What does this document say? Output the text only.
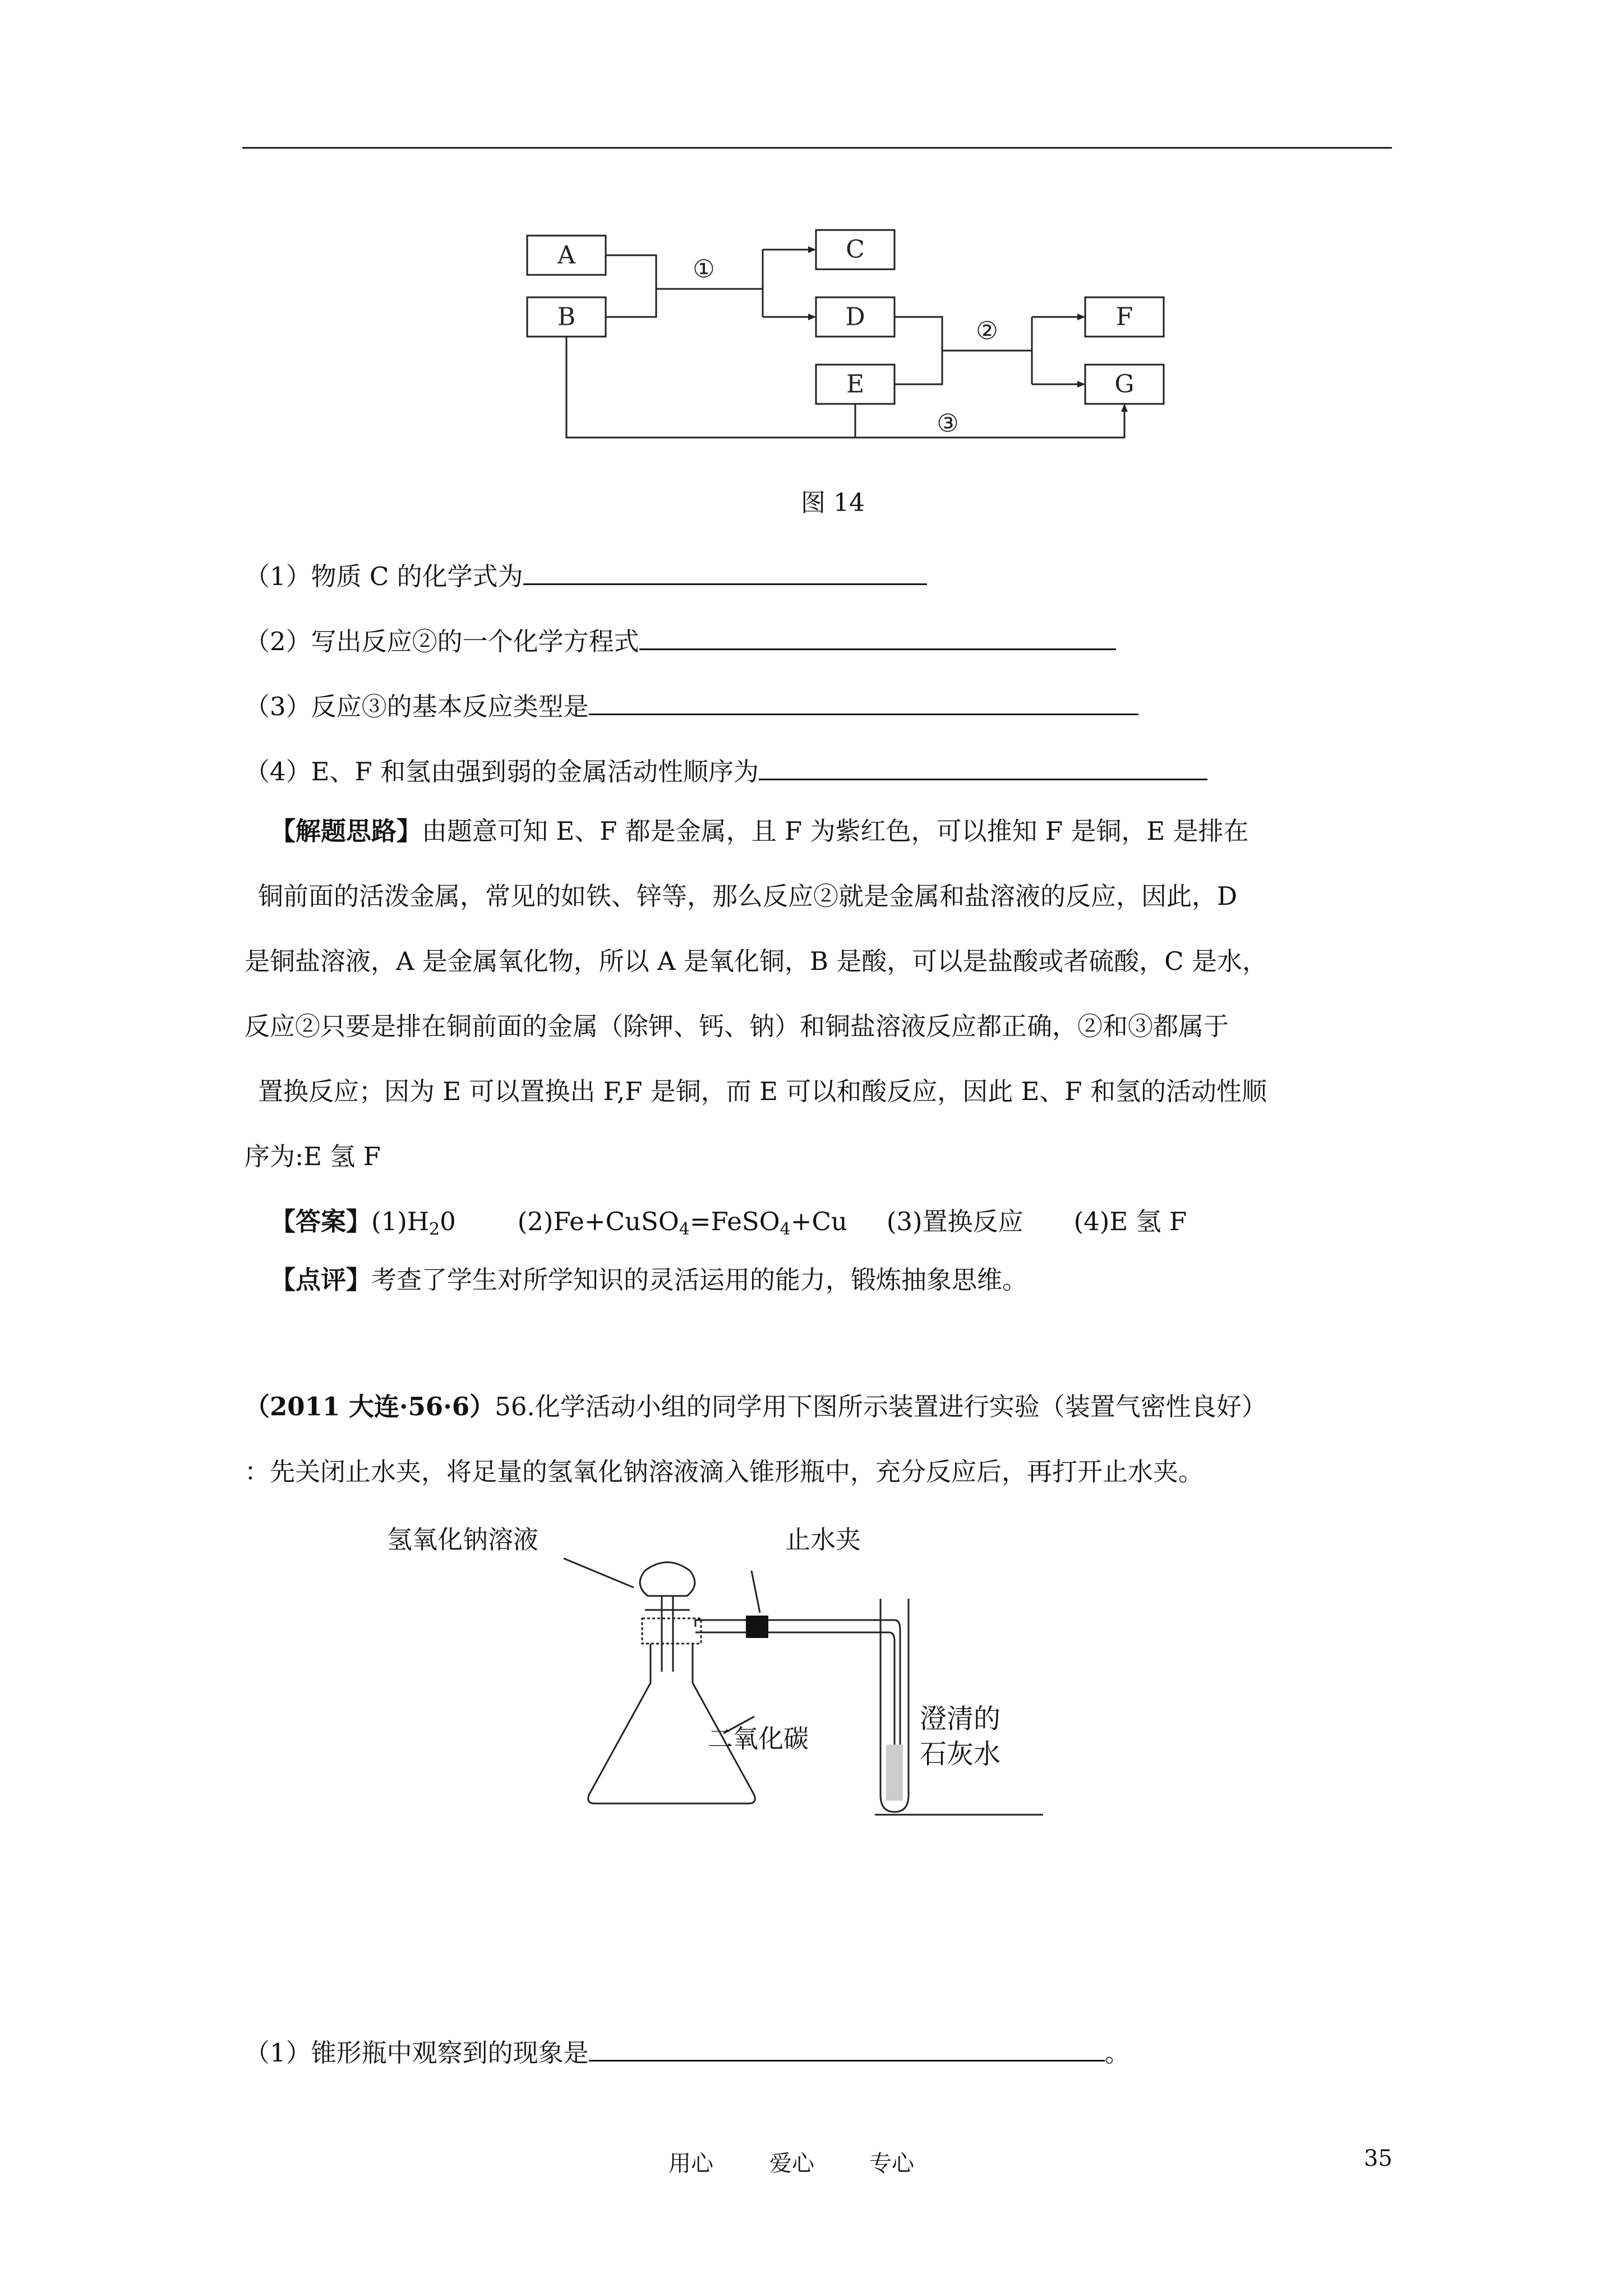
A
B
C
D
E
F
G
①
②
③
图 14
（1）物质 C 的化学式为
（2）写出反应②的一个化学方程式
（3）反应③的基本反应类型是
（4）E、F 和氢由强到弱的金属活动性顺序为
【解题思路】由题意可知 E、F 都是金属，且 F 为紫红色，可以推知 F 是铜，E 是排在
铜前面的活泼金属，常见的如铁、锌等，那么反应②就是金属和盐溶液的反应，因此，D
是铜盐溶液，A 是金属氧化物，所以 A 是氧化铜，B 是酸，可以是盐酸或者硫酸，C 是水，
反应②只要是排在铜前面的金属（除钾、钙、钠）和铜盐溶液反应都正确，②和③都属于
置换反应；因为 E 可以置换出 F,F 是铜，而 E 可以和酸反应，因此 E、F 和氢的活动性顺
序为:E 氢 F
【答案】$(1)H_20$ (2)Fe+CuSO$_4$=FeSO$_4$+Cu (3)置换反应 (4)E 氢 F
【点评】考查了学生对所学知识的灵活运用的能力，锻炼抽象思维。
（2011 大连·56·6）56.化学活动小组的同学用下图所示装置进行实验（装置气密性良好）
：先关闭止水夹，将足量的氢氧化钠溶液滴入锥形瓶中，充分反应后，再打开止水夹。
氢氧化钠溶液	止水夹
二氧化碳
澄清的
石灰水
（1）锥形瓶中观察到的现象是	。
用心	爱心 专心	35
